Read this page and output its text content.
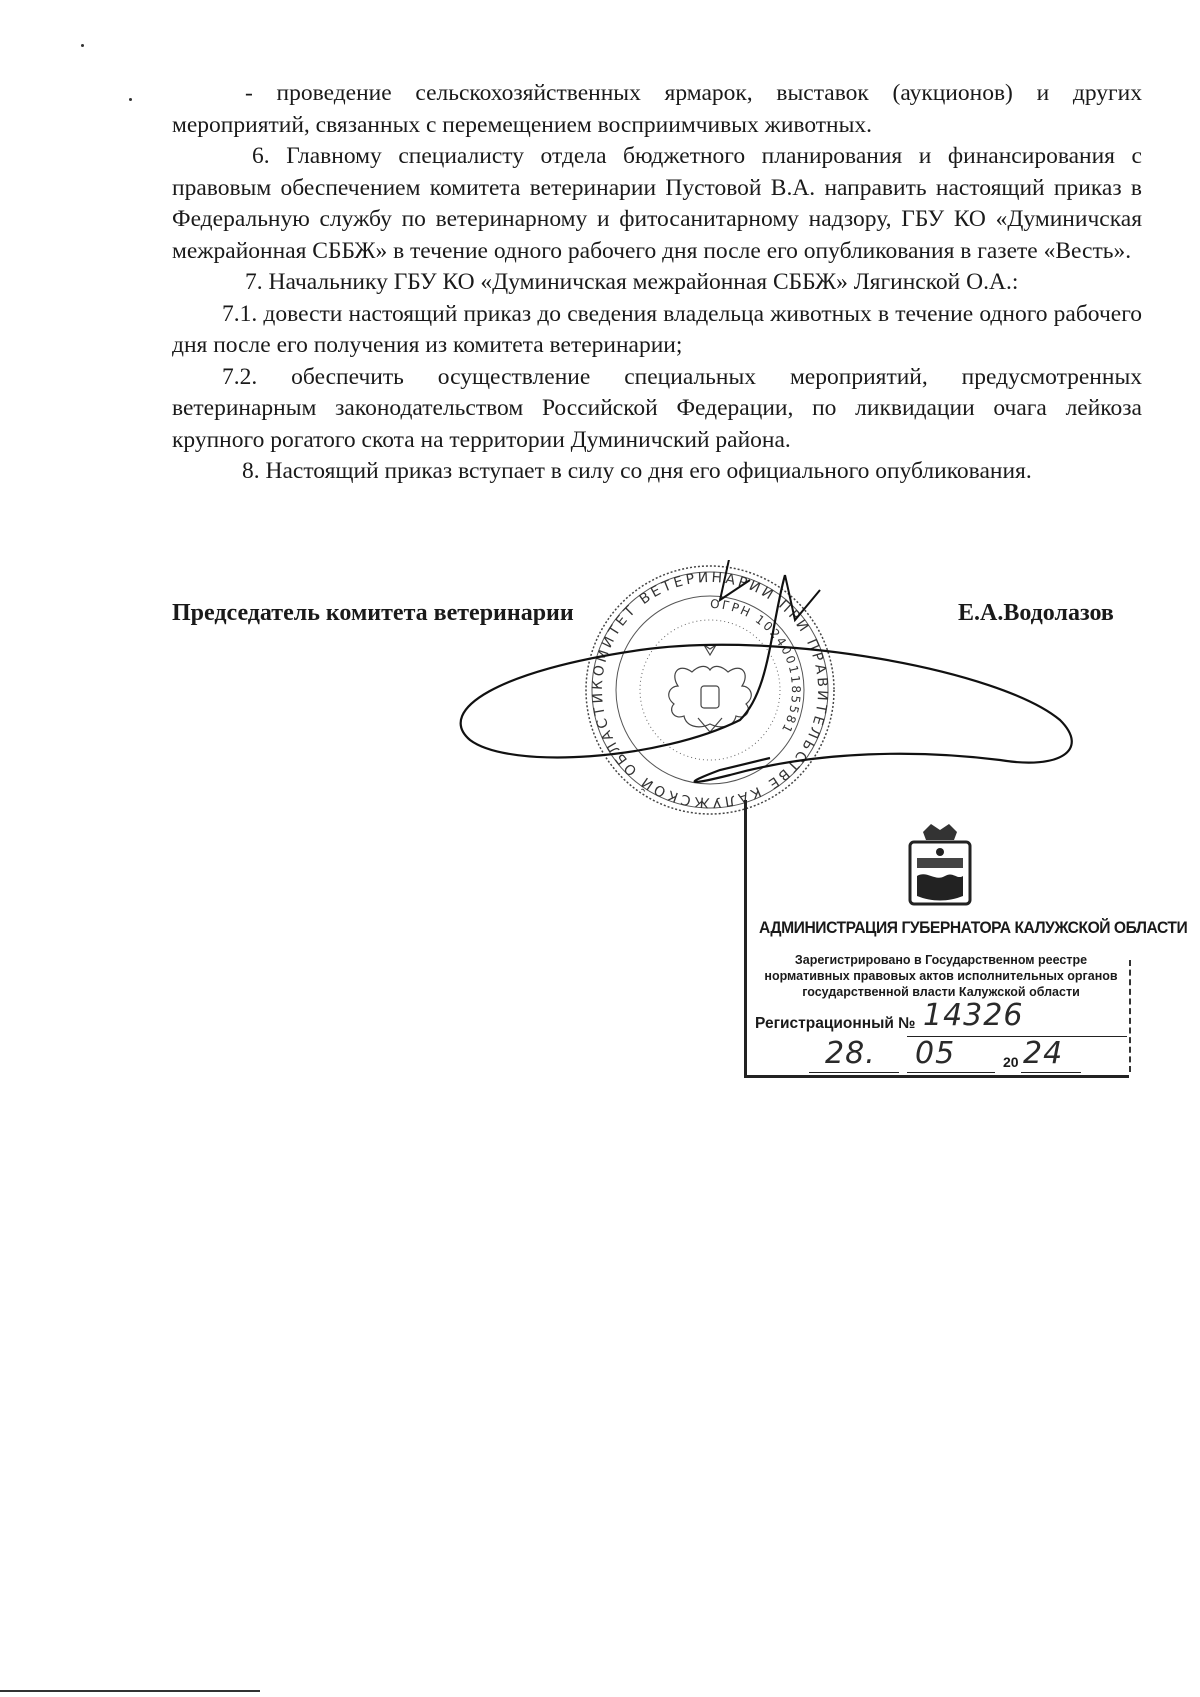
- проведение сельскохозяйственных ярмарок, выставок (аукционов) и других мероприятий, связанных с перемещением восприимчивых животных.

6. Главному специалисту отдела бюджетного планирования и финансирования с правовым обеспечением комитета ветеринарии Пустовой В.А. направить настоящий приказ в Федеральную службу по ветеринарному и фитосанитарному надзору, ГБУ КО «Думиничская межрайонная СББЖ» в течение одного рабочего дня после его опубликования в газете «Весть».

7. Начальнику ГБУ КО «Думиничская межрайонная СББЖ» Лягинской О.А.:

7.1. довести настоящий приказ до сведения владельца животных в течение одного рабочего дня после его получения из комитета ветеринарии;

7.2. обеспечить осуществление специальных мероприятий, предусмотренных ветеринарным законодательством Российской Федерации, по ликвидации очага лейкоза крупного рогатого скота на территории Думиничский района.

8. Настоящий приказ вступает в силу со дня его официального опубликования.

Председатель комитета ветеринарии	Е.А.Водолазов
КОМИТЕТ ВЕТЕРИНАРИИ ПРИ ПРАВИТЕЛЬСТВЕ КАЛУЖСКОЙ ОБЛАСТИ
ОГРН 1024001185581
АДМИНИСТРАЦИЯ ГУБЕРНАТОРА КАЛУЖСКОЙ ОБЛАСТИ
Зарегистрировано в Государственном реестре нормативных правовых актов исполнительных органов государственной власти Калужской области
Регистрационный № 14326
28. 05	20 24
